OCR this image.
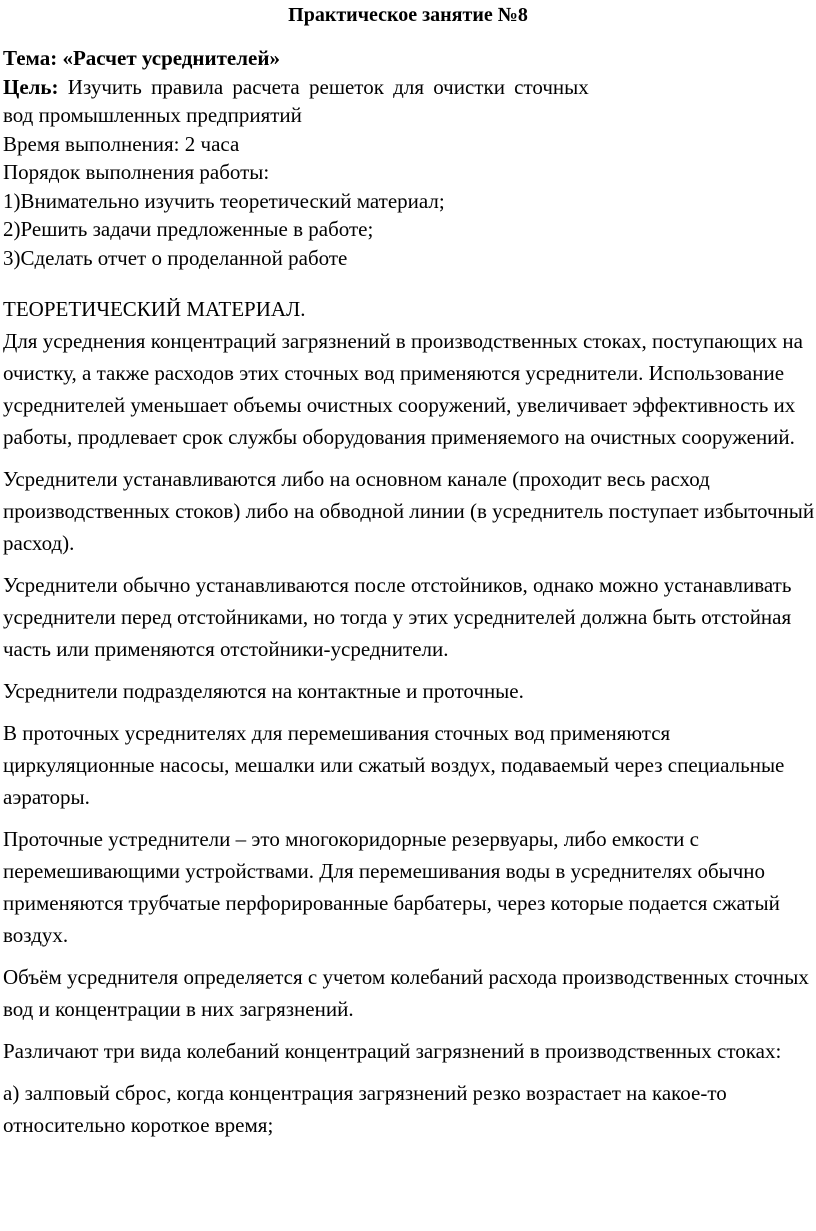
Практическое занятие №8
Тема: «Расчет усреднителей»
Цель: Изучить правила расчета решеток для очистки сточных
вод промышленных предприятий
Время выполнения: 2 часа
Порядок выполнения работы:
1)Внимательно изучить теоретический материал;
2)Решить задачи предложенные в работе;
3)Сделать отчет о проделанной работе

ТЕОРЕТИЧЕСКИЙ МАТЕРИАЛ.

Для усреднения концентраций загрязнений в производственных стоках, поступающих на очистку, а также расходов этих сточных вод применяются усреднители. Использование усреднителей уменьшает объемы очистных сооружений, увеличивает эффективность их работы, продлевает срок службы оборудования применяемого на очистных сооружений.

Усреднители устанавливаются либо на основном канале (проходит весь расход производственных стоков) либо на обводной линии (в усреднитель поступает избыточный расход).

Усреднители обычно устанавливаются после отстойников, однако можно устанавливать усреднители перед отстойниками, но тогда у этих усреднителей должна быть отстойная часть или применяются отстойники-усреднители.

Усреднители подразделяются на контактные и проточные.

В проточных усреднителях для перемешивания сточных вод применяются циркуляционные насосы, мешалки или сжатый воздух, подаваемый через специальные аэраторы.

Проточные устреднители – это многокоридорные резервуары, либо емкости с перемешивающими устройствами. Для перемешивания воды в усреднителях обычно применяются трубчатые перфорированные барбатеры, через которые подается сжатый воздух.

Объём усреднителя определяется с учетом колебаний расхода производственных сточных вод и концентрации в них загрязнений.

Различают три вида колебаний концентраций загрязнений в производственных стоках:

а) залповый сброс, когда концентрация загрязнений резко возрастает на какое-то относительно короткое время;
